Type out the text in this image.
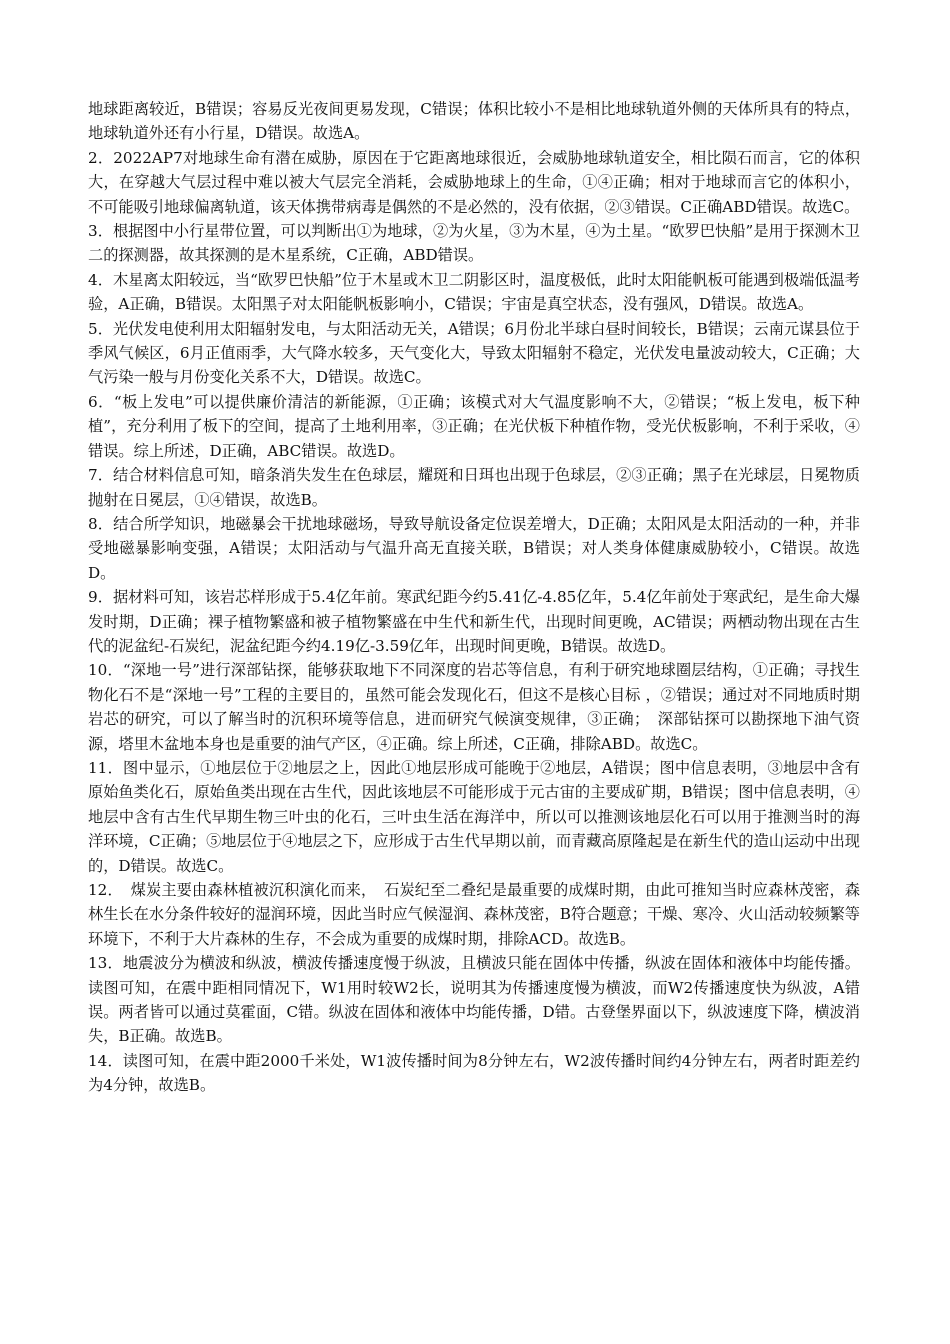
地球距离较近，B错误；容易反光夜间更易发现，C错误；体积比较小不是相比地球轨道外侧的天体所具有的特点，地球轨道外还有小行星，D错误。故选A。

2．2022AP7对地球生命有潜在威胁，原因在于它距离地球很近，会威胁地球轨道安全，相比陨石而言，它的体积大，在穿越大气层过程中难以被大气层完全消耗，会威胁地球上的生命，①④正确；相对于地球而言它的体积小，不可能吸引地球偏离轨道，该天体携带病毒是偶然的不是必然的，没有依据，②③错误。C正确ABD错误。故选C。

3．根据图中小行星带位置，可以判断出①为地球，②为火星，③为木星，④为土星。“欧罗巴快船”是用于探测木卫二的探测器，故其探测的是木星系统，C正确，ABD错误。

4．木星离太阳较远，当“欧罗巴快船”位于木星或木卫二阴影区时，温度极低，此时太阳能帆板可能遇到极端低温考验，A正确，B错误。太阳黑子对太阳能帆板影响小，C错误；宇宙是真空状态，没有强风，D错误。故选A。

5．光伏发电使利用太阳辐射发电，与太阳活动无关，A错误；6月份北半球白昼时间较长，B错误；云南元谋县位于季风气候区，6月正值雨季，大气降水较多，天气变化大，导致太阳辐射不稳定，光伏发电量波动较大，C正确；大气污染一般与月份变化关系不大，D错误。故选C。

6．“板上发电”可以提供廉价清洁的新能源，①正确；该模式对大气温度影响不大，②错误；“板上发电，板下种植”，充分利用了板下的空间，提高了土地利用率，③正确；在光伏板下种植作物，受光伏板影响，不利于采收，④错误。综上所述，D正确，ABC错误。故选D。

7．结合材料信息可知，暗条消失发生在色球层，耀斑和日珥也出现于色球层，②③正确；黑子在光球层，日冕物质抛射在日冕层，①④错误，故选B。

8．结合所学知识，地磁暴会干扰地球磁场，导致导航设备定位误差增大，D正确；太阳风是太阳活动的一种，并非受地磁暴影响变强，A错误；太阳活动与气温升高无直接关联，B错误；对人类身体健康威胁较小，C错误。故选D。

9．据材料可知，该岩芯样形成于5.4亿年前。寒武纪距今约5.41亿-4.85亿年，5.4亿年前处于寒武纪，是生命大爆发时期，D正确；裸子植物繁盛和被子植物繁盛在中生代和新生代，出现时间更晚，AC错误；两栖动物出现在古生代的泥盆纪-石炭纪，泥盆纪距今约4.19亿-3.59亿年，出现时间更晚，B错误。故选D。

10．“深地一号”进行深部钻探，能够获取地下不同深度的岩芯等信息，有利于研究地球圈层结构，①正确；寻找生物化石不是“深地一号”工程的主要目的，虽然可能会发现化石，但这不是核心目标 ，②错误；通过对不同地质时期岩芯的研究，可以了解当时的沉积环境等信息，进而研究气候演变规律，③正确；　深部钻探可以勘探地下油气资源，塔里木盆地本身也是重要的油气产区，④正确。综上所述，C正确，排除ABD。故选C。

11．图中显示，①地层位于②地层之上，因此①地层形成可能晚于②地层，A错误；图中信息表明，③地层中含有原始鱼类化石，原始鱼类出现在古生代，因此该地层不可能形成于元古宙的主要成矿期，B错误；图中信息表明，④地层中含有古生代早期生物三叶虫的化石，三叶虫生活在海洋中，所以可以推测该地层化石可以用于推测当时的海洋环境，C正确；⑤地层位于④地层之下，应形成于古生代早期以前，而青藏高原隆起是在新生代的造山运动中出现的，D错误。故选C。

12．　煤炭主要由森林植被沉积演化而来，　石炭纪至二叠纪是最重要的成煤时期，由此可推知当时应森林茂密，森林生长在水分条件较好的湿润环境，因此当时应气候湿润、森林茂密，B符合题意；干燥、寒冷、火山活动较频繁等环境下，不利于大片森林的生存，不会成为重要的成煤时期，排除ACD。故选B。

13．地震波分为横波和纵波，横波传播速度慢于纵波，且横波只能在固体中传播，纵波在固体和液体中均能传播。读图可知，在震中距相同情况下，W1用时较W2长，说明其为传播速度慢为横波，而W2传播速度快为纵波，A错误。两者皆可以通过莫霍面，C错。纵波在固体和液体中均能传播，D错。古登堡界面以下，纵波速度下降，横波消失，B正确。故选B。

14．读图可知，在震中距2000千米处，W1波传播时间为8分钟左右，W2波传播时间约4分钟左右，两者时距差约为4分钟，故选B。
